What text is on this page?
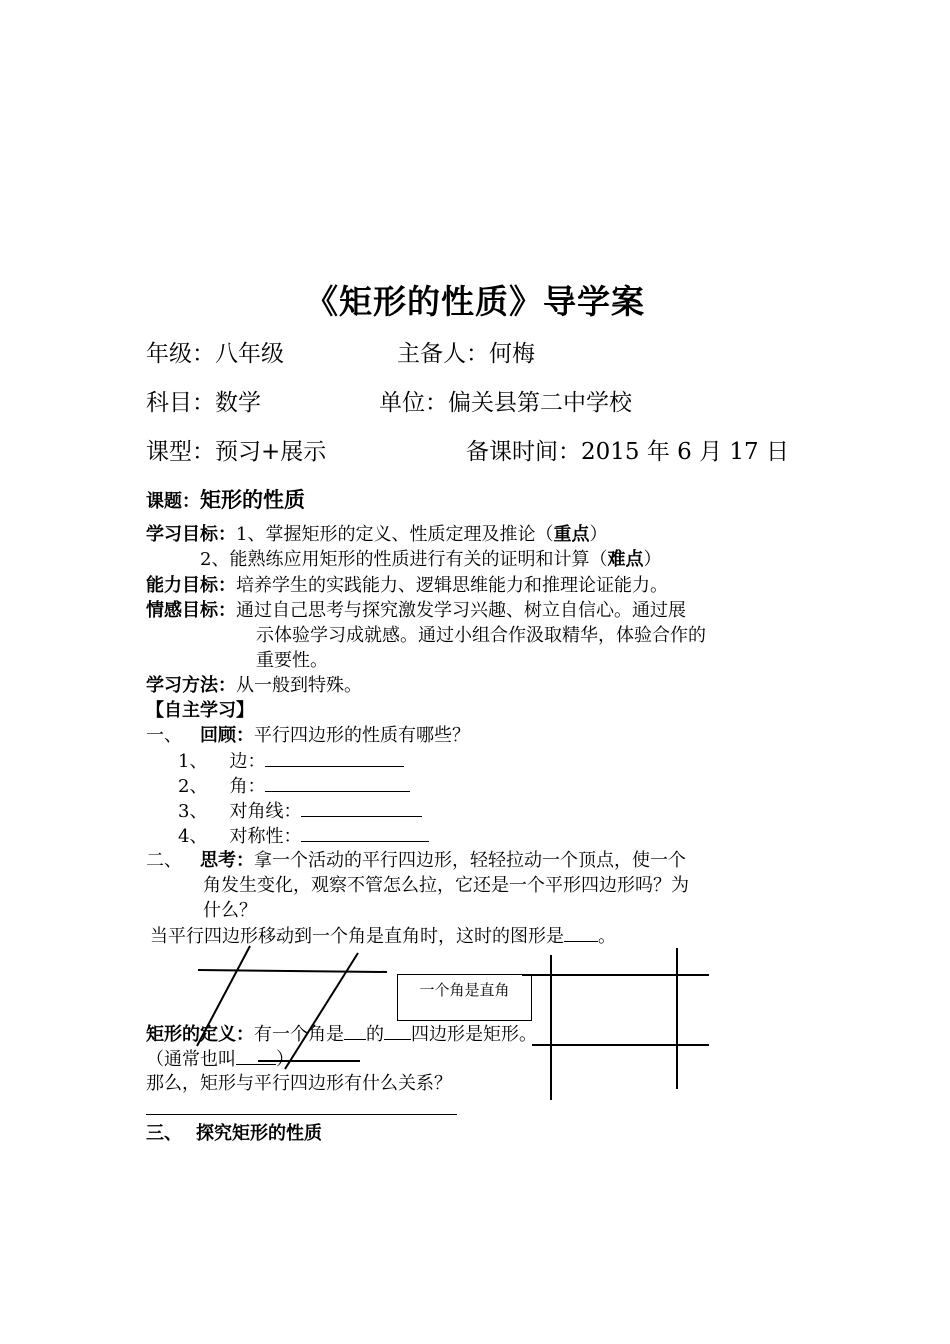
《矩形的性质》导学案
年级：八年级	主备人：何梅
科目：数学	单位：偏关县第二中学校
课型：预习+展示	备课时间：2015 年 6 月 17 日
课题：矩形的性质
学习目标：1、掌握矩形的定义、性质定理及推论（重点）
2、能熟练应用矩形的性质进行有关的证明和计算（难点）
能力目标：培养学生的实践能力、逻辑思维能力和推理论证能力。
情感目标：通过自己思考与探究激发学习兴趣、树立自信心。通过展
示体验学习成就感。通过小组合作汲取精华，体验合作的
重要性。
学习方法：从一般到特殊。
【自主学习】
一、 回顾：平行四边形的性质有哪些？
1、 边：
2、 角：
3、 对角线：
4、 对称性：
二、 思考：拿一个活动的平行四边形，轻轻拉动一个顶点，使一个
角发生变化，观察不管怎么拉，它还是一个平形四边形吗？为
什么？
当平行四边形移动到一个角是直角时，这时的图形是 。
一个角是直角
矩形的定义：有一个角是 的 四边形是矩形。
（通常也叫 ）
那么，矩形与平行四边形有什么关系？
三、 探究矩形的性质
